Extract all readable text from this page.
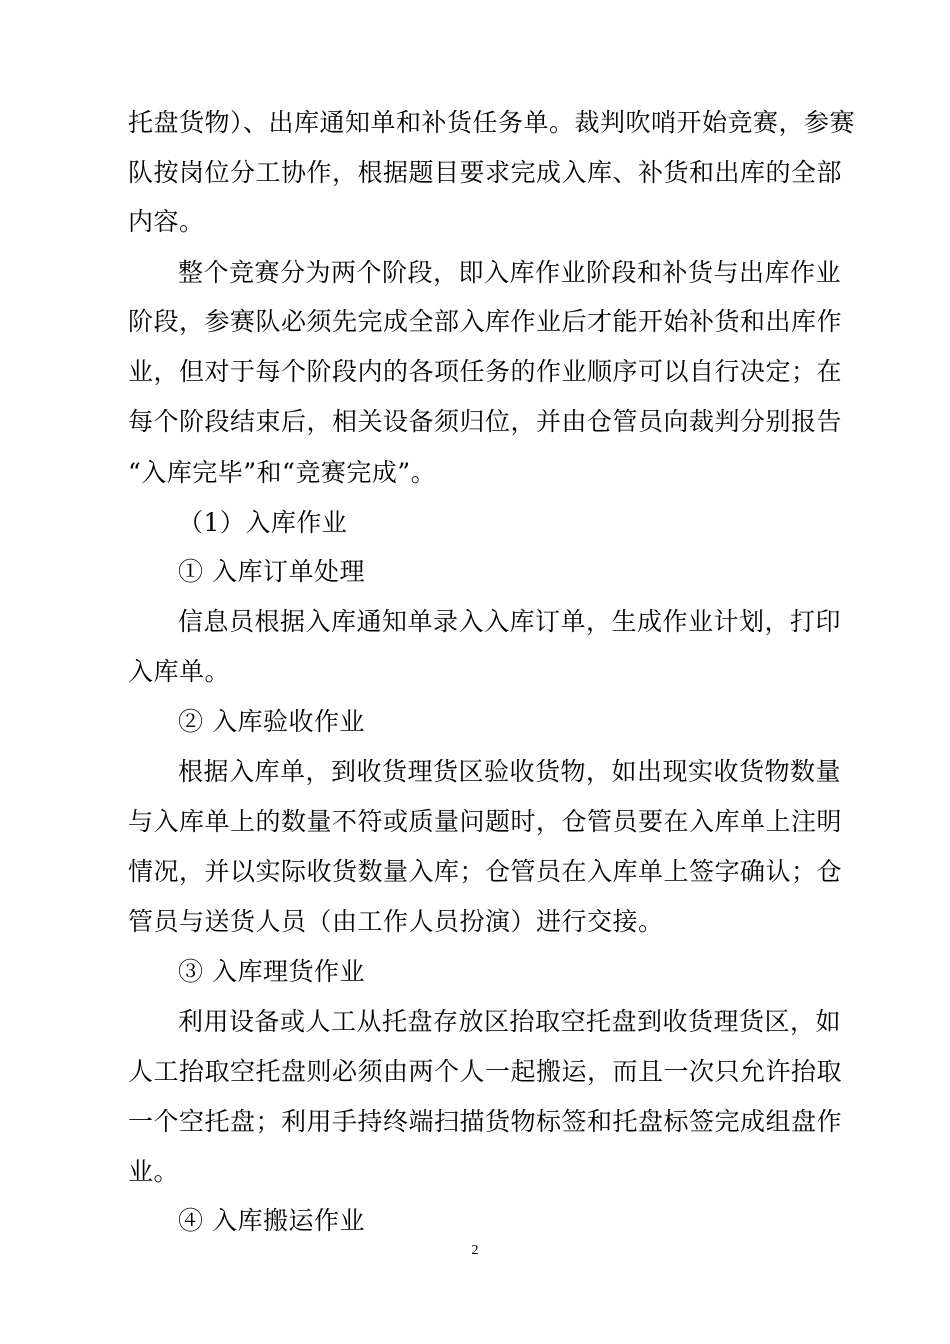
托盘货物）、出库通知单和补货任务单。裁判吹哨开始竞赛，参赛
队按岗位分工协作，根据题目要求完成入库、补货和出库的全部
内容。
整个竞赛分为两个阶段，即入库作业阶段和补货与出库作业
阶段，参赛队必须先完成全部入库作业后才能开始补货和出库作
业，但对于每个阶段内的各项任务的作业顺序可以自行决定；在
每个阶段结束后，相关设备须归位，并由仓管员向裁判分别报告
“入库完毕”和“竞赛完成”。
（1）入库作业
① 入库订单处理
信息员根据入库通知单录入入库订单，生成作业计划，打印
入库单。
② 入库验收作业
根据入库单，到收货理货区验收货物，如出现实收货物数量
与入库单上的数量不符或质量问题时，仓管员要在入库单上注明
情况，并以实际收货数量入库；仓管员在入库单上签字确认；仓
管员与送货人员（由工作人员扮演）进行交接。
③ 入库理货作业
利用设备或人工从托盘存放区抬取空托盘到收货理货区，如
人工抬取空托盘则必须由两个人一起搬运，而且一次只允许抬取
一个空托盘；利用手持终端扫描货物标签和托盘标签完成组盘作
业。
④ 入库搬运作业
2
